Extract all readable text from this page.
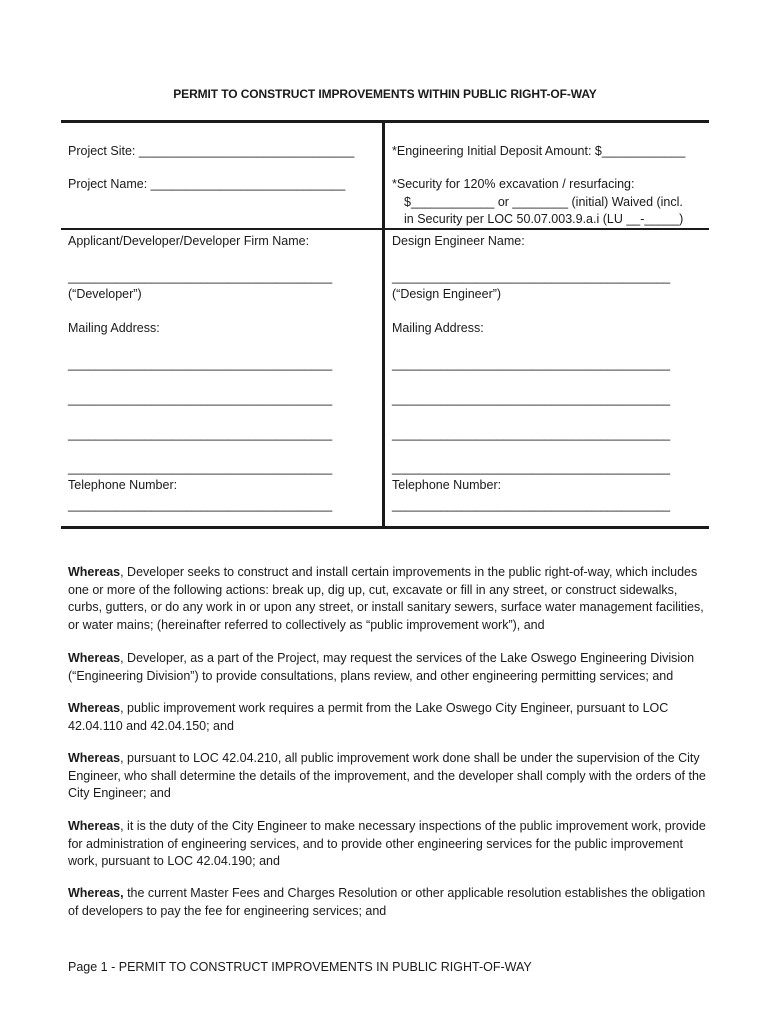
PERMIT TO CONSTRUCT IMPROVEMENTS WITHIN PUBLIC RIGHT-OF-WAY
Project Site: _______________________________
Project Name: ____________________________
Applicant/Developer/Developer Firm Name:
______________________________________
(“Developer”)
Mailing Address:
______________________________________
______________________________________
______________________________________
______________________________________
Telephone Number:
______________________________________
*Engineering Initial Deposit Amount: $____________
*Security for 120% excavation / resurfacing:
$____________ or ________ (initial) Waived (incl.
in Security per LOC 50.07.003.9.a.i (LU __-_____)
Design Engineer Name:
________________________________________
(“Design Engineer”)
Mailing Address:
________________________________________
________________________________________
________________________________________
________________________________________
Telephone Number:
________________________________________
Whereas, Developer seeks to construct and install certain improvements in the public right-of-way, which includes one or more of the following actions: break up, dig up, cut, excavate or fill in any street, or construct sidewalks, curbs, gutters, or do any work in or upon any street, or install sanitary sewers, surface water management facilities, or water mains; (hereinafter referred to collectively as “public improvement work”), and
Whereas, Developer, as a part of the Project, may request the services of the Lake Oswego Engineering Division (“Engineering Division”) to provide consultations, plans review, and other engineering permitting services; and
Whereas, public improvement work requires a permit from the Lake Oswego City Engineer, pursuant to LOC 42.04.110 and 42.04.150; and
Whereas, pursuant to LOC 42.04.210, all public improvement work done shall be under the supervision of the City Engineer, who shall determine the details of the improvement, and the developer shall comply with the orders of the City Engineer; and
Whereas, it is the duty of the City Engineer to make necessary inspections of the public improvement work, provide for administration of engineering services, and to provide other engineering services for the public improvement work, pursuant to LOC 42.04.190; and
Whereas, the current Master Fees and Charges Resolution or other applicable resolution establishes the obligation of developers to pay the fee for engineering services; and
Page 1 - PERMIT TO CONSTRUCT IMPROVEMENTS IN PUBLIC RIGHT-OF-WAY
